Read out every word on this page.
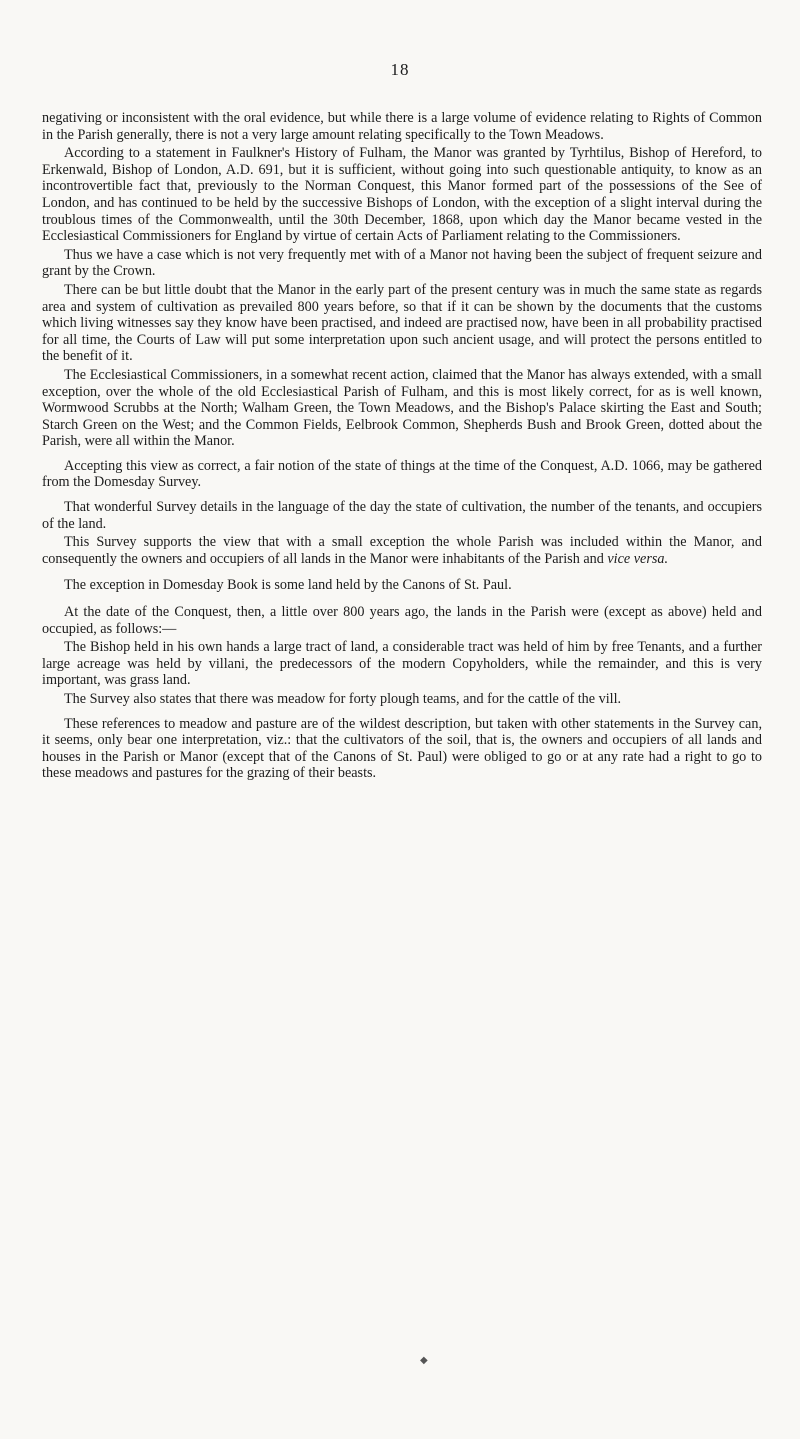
18

negativing or inconsistent with the oral evidence, but while there is a large volume of evidence relating to Rights of Common in the Parish generally, there is not a very large amount relating specifically to the Town Meadows.

According to a statement in Faulkner's History of Fulham, the Manor was granted by Tyrhtilus, Bishop of Hereford, to Erkenwald, Bishop of London, A.D. 691, but it is sufficient, without going into such questionable antiquity, to know as an incontrovertible fact that, previously to the Norman Conquest, this Manor formed part of the possessions of the See of London, and has continued to be held by the successive Bishops of London, with the exception of a slight interval during the troublous times of the Commonwealth, until the 30th December, 1868, upon which day the Manor became vested in the Ecclesiastical Commissioners for England by virtue of certain Acts of Parliament relating to the Commissioners.

Thus we have a case which is not very frequently met with of a Manor not having been the subject of frequent seizure and grant by the Crown.

There can be but little doubt that the Manor in the early part of the present century was in much the same state as regards area and system of cultivation as prevailed 800 years before, so that if it can be shown by the documents that the customs which living witnesses say they know have been practised, and indeed are practised now, have been in all probability practised for all time, the Courts of Law will put some interpretation upon such ancient usage, and will protect the persons entitled to the benefit of it.

The Ecclesiastical Commissioners, in a somewhat recent action, claimed that the Manor has always extended, with a small exception, over the whole of the old Ecclesiastical Parish of Fulham, and this is most likely correct, for as is well known, Wormwood Scrubbs at the North; Walham Green, the Town Meadows, and the Bishop's Palace skirting the East and South; Starch Green on the West; and the Common Fields, Eelbrook Common, Shepherds Bush and Brook Green, dotted about the Parish, were all within the Manor.

Accepting this view as correct, a fair notion of the state of things at the time of the Conquest, A.D. 1066, may be gathered from the Domesday Survey.

That wonderful Survey details in the language of the day the state of cultivation, the number of the tenants, and occupiers of the land.

This Survey supports the view that with a small exception the whole Parish was included within the Manor, and consequently the owners and occupiers of all lands in the Manor were inhabitants of the Parish and vice versa.

The exception in Domesday Book is some land held by the Canons of St. Paul.

At the date of the Conquest, then, a little over 800 years ago, the lands in the Parish were (except as above) held and occupied, as follows:—

The Bishop held in his own hands a large tract of land, a considerable tract was held of him by free Tenants, and a further large acreage was held by villani, the predecessors of the modern Copyholders, while the remainder, and this is very important, was grass land.

The Survey also states that there was meadow for forty plough teams, and for the cattle of the vill.

These references to meadow and pasture are of the wildest description, but taken with other statements in the Survey can, it seems, only bear one interpretation, viz.: that the cultivators of the soil, that is, the owners and occupiers of all lands and houses in the Parish or Manor (except that of the Canons of St. Paul) were obliged to go or at any rate had a right to go to these meadows and pastures for the grazing of their beasts.

◆
